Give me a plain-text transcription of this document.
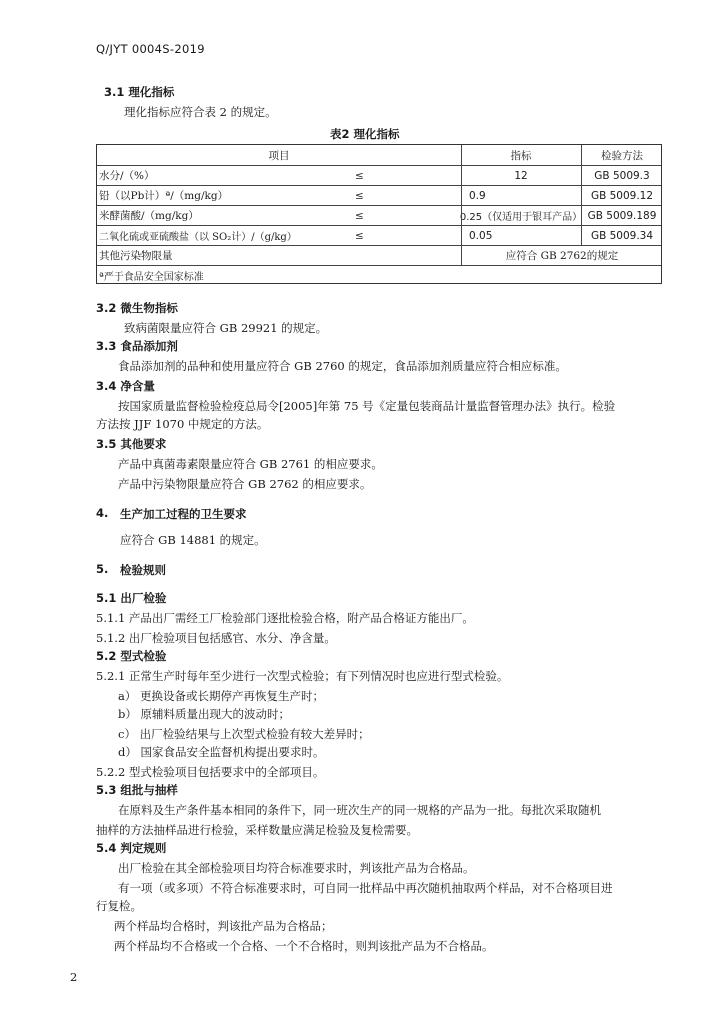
Q/JYT 0004S-2019
3.1 理化指标
理化指标应符合表 2 的规定。
表2 理化指标
项目	指标	检验方法
水分/（%）	≤	12	GB 5009.3
铅（以Pb计）ª/（mg/kg）	≤	0.9	GB 5009.12
米酵菌酸/（mg/kg）	≤	0.25（仅适用于银耳产品） GB 5009.189
二氧化硫或亚硫酸盐（以 SO₂计）/（g/kg）	≤	0.05	GB 5009.34
其他污染物限量	应符合 GB 2762的规定
ª严于食品安全国家标准
3.2 微生物指标
致病菌限量应符合 GB 29921 的规定。
3.3 食品添加剂
食品添加剂的品种和使用量应符合 GB 2760 的规定，食品添加剂质量应符合相应标准。
3.4 净含量
按国家质量监督检验检疫总局令[2005]年第 75 号《定量包装商品计量监督管理办法》执行。检验
方法按 JJF 1070 中规定的方法。
3.5 其他要求
产品中真菌毒素限量应符合 GB 2761 的相应要求。
产品中污染物限量应符合 GB 2762 的相应要求。
4. 生产加工过程的卫生要求
应符合 GB 14881 的规定。
5. 检验规则
5.1 出厂检验
5.1.1 产品出厂需经工厂检验部门逐批检验合格，附产品合格证方能出厂。
5.1.2 出厂检验项目包括感官、水分、净含量。
5.2 型式检验
5.2.1 正常生产时每年至少进行一次型式检验；有下列情况时也应进行型式检验。
a） 更换设备或长期停产再恢复生产时；
b） 原辅料质量出现大的波动时；
c） 出厂检验结果与上次型式检验有较大差异时；
d） 国家食品安全监督机构提出要求时。
5.2.2 型式检验项目包括要求中的全部项目。
5.3 组批与抽样
在原料及生产条件基本相同的条件下，同一班次生产的同一规格的产品为一批。每批次采取随机
抽样的方法抽样品进行检验，采样数量应满足检验及复检需要。
5.4 判定规则
出厂检验在其全部检验项目均符合标准要求时，判该批产品为合格品。
有一项（或多项）不符合标准要求时，可自同一批样品中再次随机抽取两个样品，对不合格项目进
行复检。
两个样品均合格时，判该批产品为合格品；
两个样品均不合格或一个合格、一个不合格时，则判该批产品为不合格品。
2
